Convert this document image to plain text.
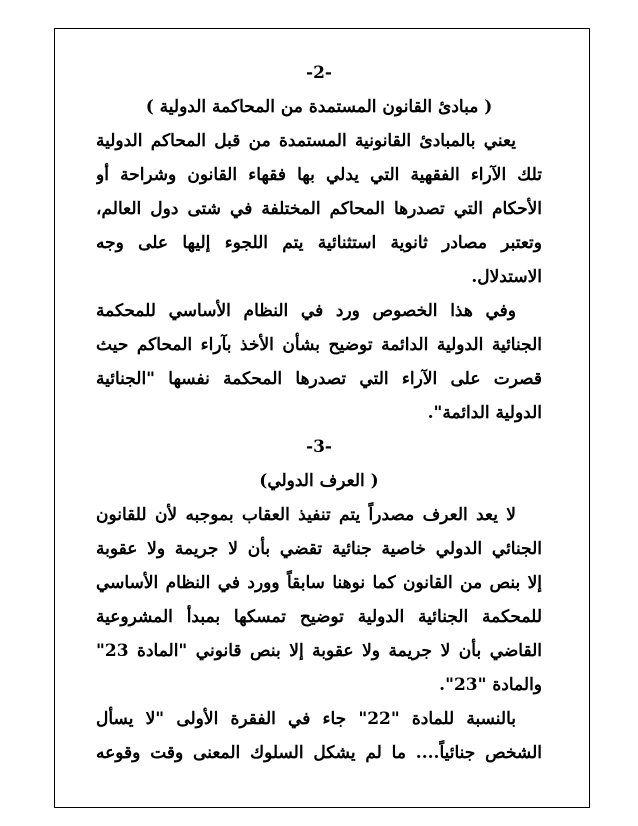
-2-
( مبادئ القانون المستمدة من المحاكمة الدولية )
يعني بالمبادئ القانونية المستمدة من قبل المحاكم الدولية
تلك الآراء الفقهية التي يدلي بها فقهاء القانون وشراحة أو
الأحكام التي تصدرها المحاكم المختلفة في شتى دول العالم،
وتعتبر مصادر ثانوية استثنائية يتم اللجوء إليها على وجه
الاستدلال.
وفي هذا الخصوص ورد في النظام الأساسي للمحكمة
الجنائية الدولية الدائمة توضيح بشأن الأخذ بآراء المحاكم حيث
قصرت على الآراء التي تصدرها المحكمة نفسها "الجنائية
الدولية الدائمة".
-3-
( العرف الدولي)
لا يعد العرف مصدراً يتم تنفيذ العقاب بموجبه لأن للقانون
الجنائي الدولي خاصية جنائية تقضي بأن لا جريمة ولا عقوبة
إلا بنص من القانون كما نوهنا سابقاً وورد في النظام الأساسي
للمحكمة الجنائية الدولية توضيح تمسكها بمبدأ المشروعية
القاضي بأن لا جريمة ولا عقوبة إلا بنص قانوني "المادة 23"
والمادة "23".
بالنسبة للمادة "22" جاء في الفقرة الأولى "لا يسأل
الشخص جنائياً.... ما لم يشكل السلوك المعنى وقت وقوعه
